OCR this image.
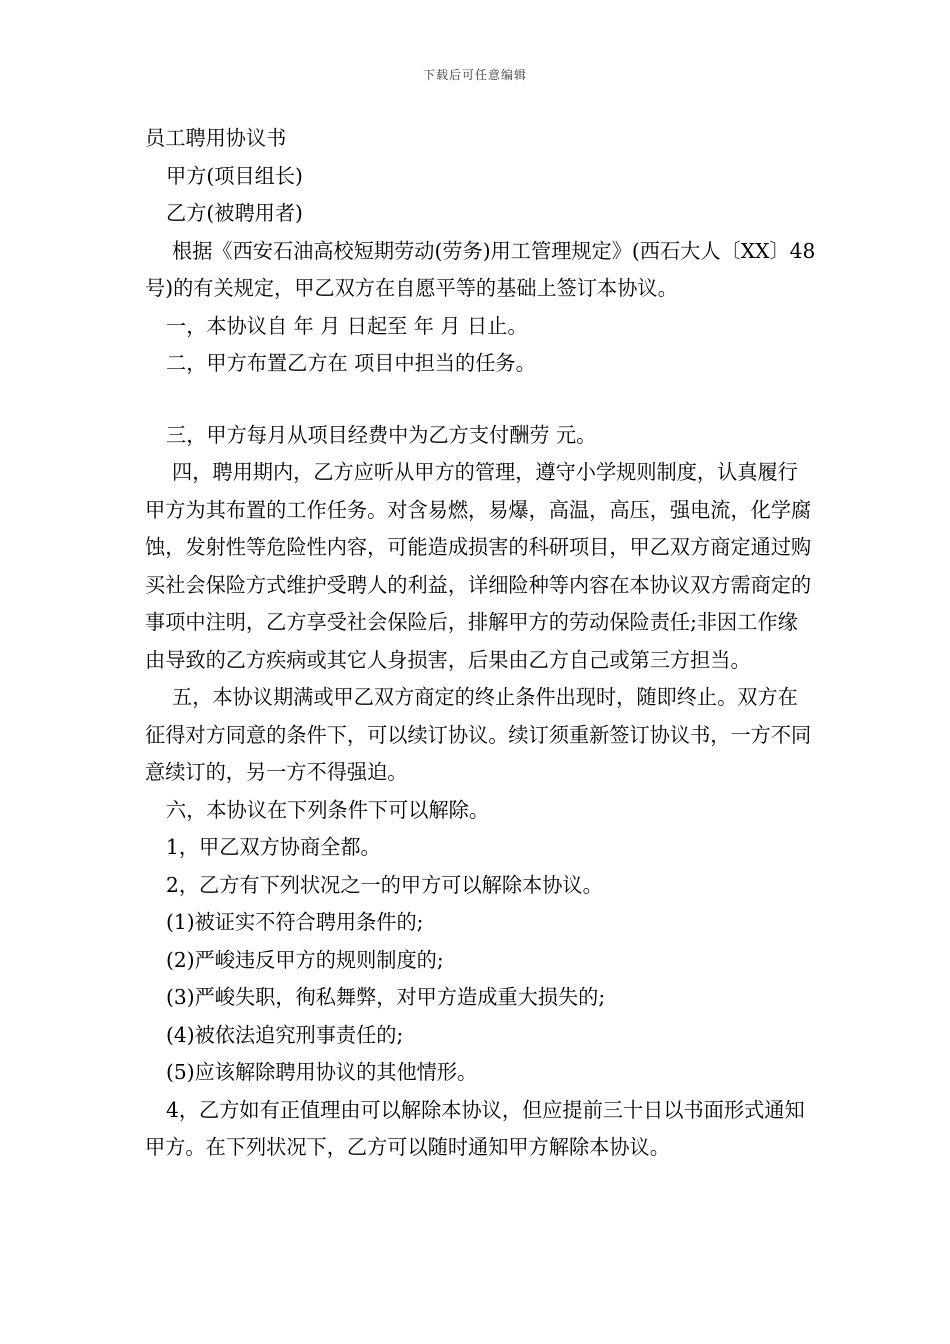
下载后可任意编辑

员工聘用协议书

甲方(项目组长)

乙方(被聘用者)

根据《西安石油高校短期劳动(劳务)用工管理规定》(西石大人〔XX〕48号)的有关规定，甲乙双方在自愿平等的基础上签订本协议。

一，本协议自 年 月 日起至 年 月 日止。

二，甲方布置乙方在 项目中担当的任务。

三，甲方每月从项目经费中为乙方支付酬劳 元。

四，聘用期内，乙方应听从甲方的管理，遵守小学规则制度，认真履行甲方为其布置的工作任务。对含易燃，易爆，高温，高压，强电流，化学腐蚀，发射性等危险性内容，可能造成损害的科研项目，甲乙双方商定通过购买社会保险方式维护受聘人的利益，详细险种等内容在本协议双方需商定的事项中注明，乙方享受社会保险后，排解甲方的劳动保险责任;非因工作缘由导致的乙方疾病或其它人身损害，后果由乙方自己或第三方担当。

五，本协议期满或甲乙双方商定的终止条件出现时，随即终止。双方在征得对方同意的条件下，可以续订协议。续订须重新签订协议书，一方不同意续订的，另一方不得强迫。

六，本协议在下列条件下可以解除。

1，甲乙双方协商全都。

2，乙方有下列状况之一的甲方可以解除本协议。

(1)被证实不符合聘用条件的;

(2)严峻违反甲方的规则制度的;

(3)严峻失职，徇私舞弊，对甲方造成重大损失的;

(4)被依法追究刑事责任的;

(5)应该解除聘用协议的其他情形。

4，乙方如有正值理由可以解除本协议，但应提前三十日以书面形式通知甲方。在下列状况下，乙方可以随时通知甲方解除本协议。
